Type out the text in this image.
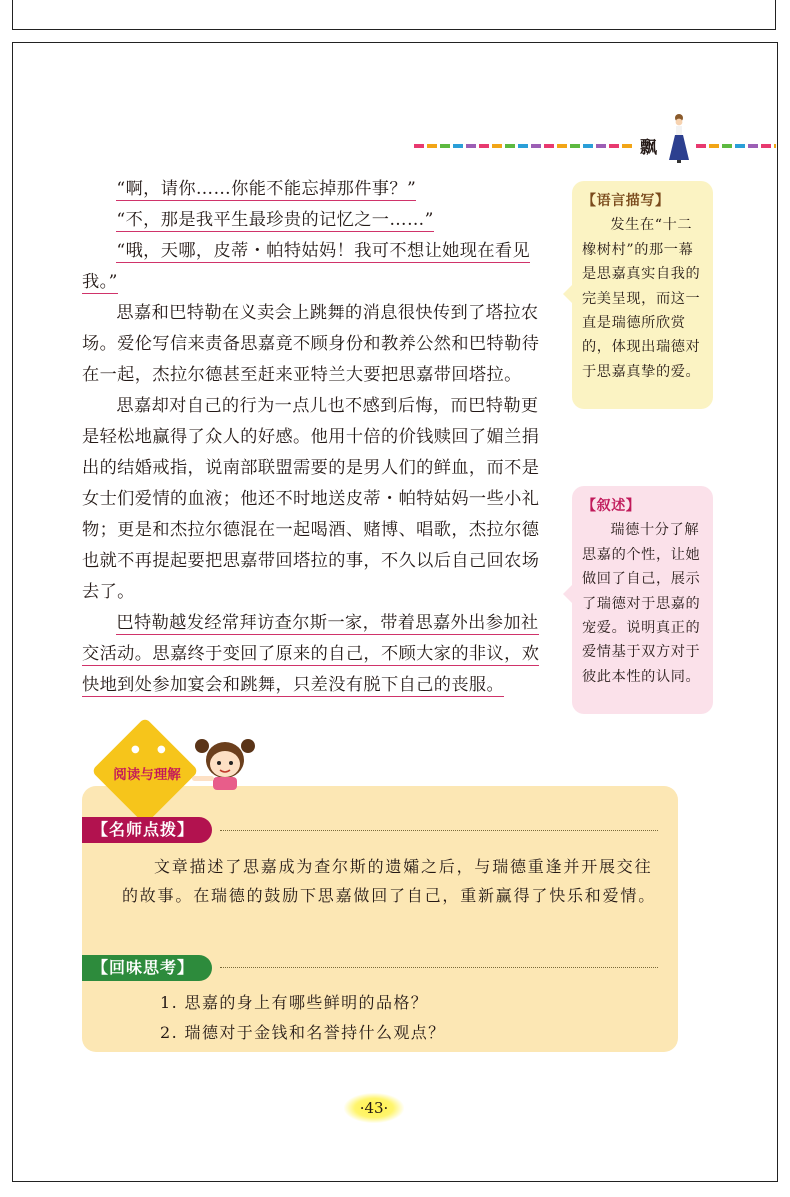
飘

“啊，请你……你能不能忘掉那件事？”

“不，那是我平生最珍贵的记忆之一……”

“哦，天哪，皮蒂・帕特姑妈！我可不想让她现在看见我。”

思嘉和巴特勒在义卖会上跳舞的消息很快传到了塔拉农场。爱伦写信来责备思嘉竟不顾身份和教养公然和巴特勒待在一起，杰拉尔德甚至赶来亚特兰大要把思嘉带回塔拉。

思嘉却对自己的行为一点儿也不感到后悔，而巴特勒更是轻松地赢得了众人的好感。他用十倍的价钱赎回了媚兰捐出的结婚戒指，说南部联盟需要的是男人们的鲜血，而不是女士们爱情的血液；他还不时地送皮蒂・帕特姑妈一些小礼物；更是和杰拉尔德混在一起喝酒、赌博、唱歌，杰拉尔德也就不再提起要把思嘉带回塔拉的事，不久以后自己回农场去了。

巴特勒越发经常拜访查尔斯一家，带着思嘉外出参加社交活动。思嘉终于变回了原来的自己，不顾大家的非议，欢快地到处参加宴会和跳舞，只差没有脱下自己的丧服。

【语言描写】
发生在“十二橡树村”的那一幕是思嘉真实自我的完美呈现，而这一直是瑞德所欣赏的，体现出瑞德对于思嘉真挚的爱。
【叙述】
瑞德十分了解思嘉的个性，让她做回了自己，展示了瑞德对于思嘉的宠爱。说明真正的爱情基于双方对于彼此本性的认同。
● ●
阅读与理解
【名师点拨】

文章描述了思嘉成为查尔斯的遗孀之后，与瑞德重逢并开展交往的故事。在瑞德的鼓励下思嘉做回了自己，重新赢得了快乐和爱情。

【回味思考】
1. 思嘉的身上有哪些鲜明的品格？
2. 瑞德对于金钱和名誉持什么观点？
·43·
